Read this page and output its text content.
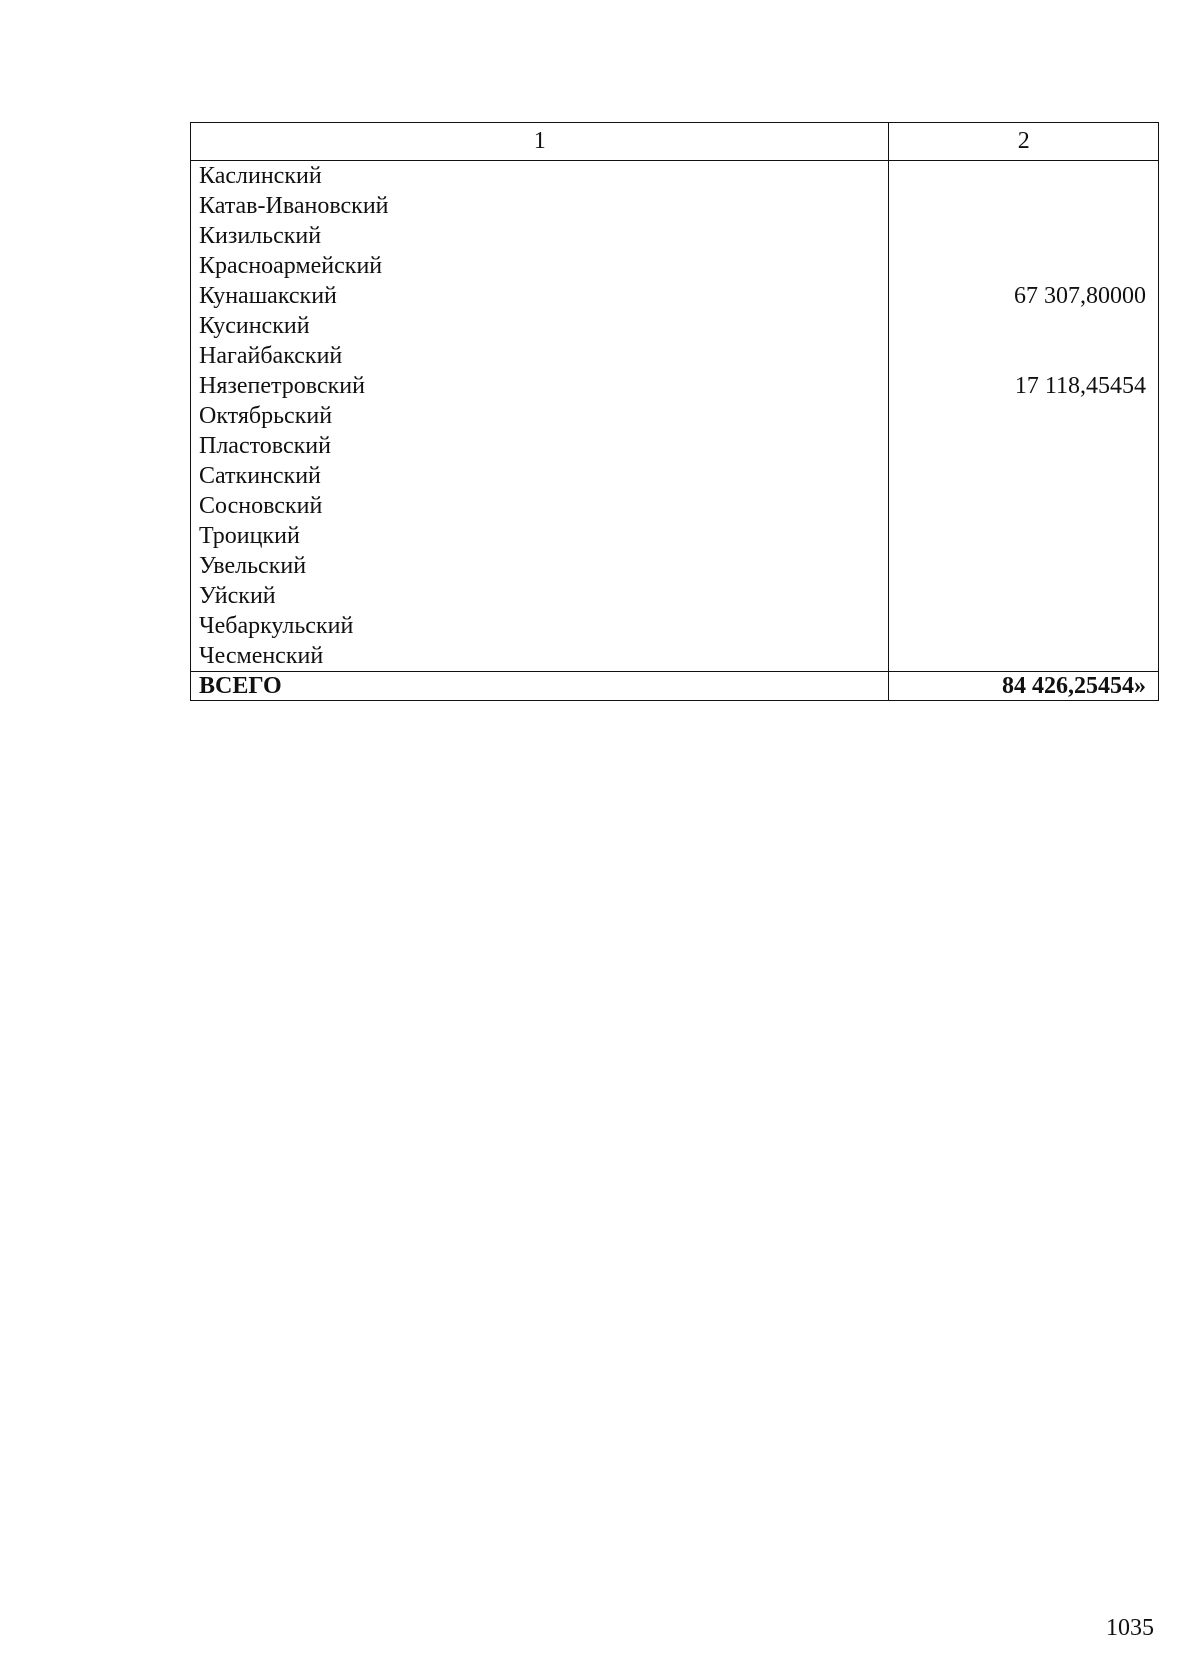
1	2
Каслинский	
Катав-Ивановский	
Кизильский	
Красноармейский	
Кунашакский	67 307,80000
Кусинский	
Нагайбакский	
Нязепетровский	17 118,45454
Октябрьский	
Пластовский	
Саткинский	
Сосновский	
Троицкий	
Увельский	
Уйский	
Чебаркульский	
Чесменский	
ВСЕГО	84 426,25454»
1035
